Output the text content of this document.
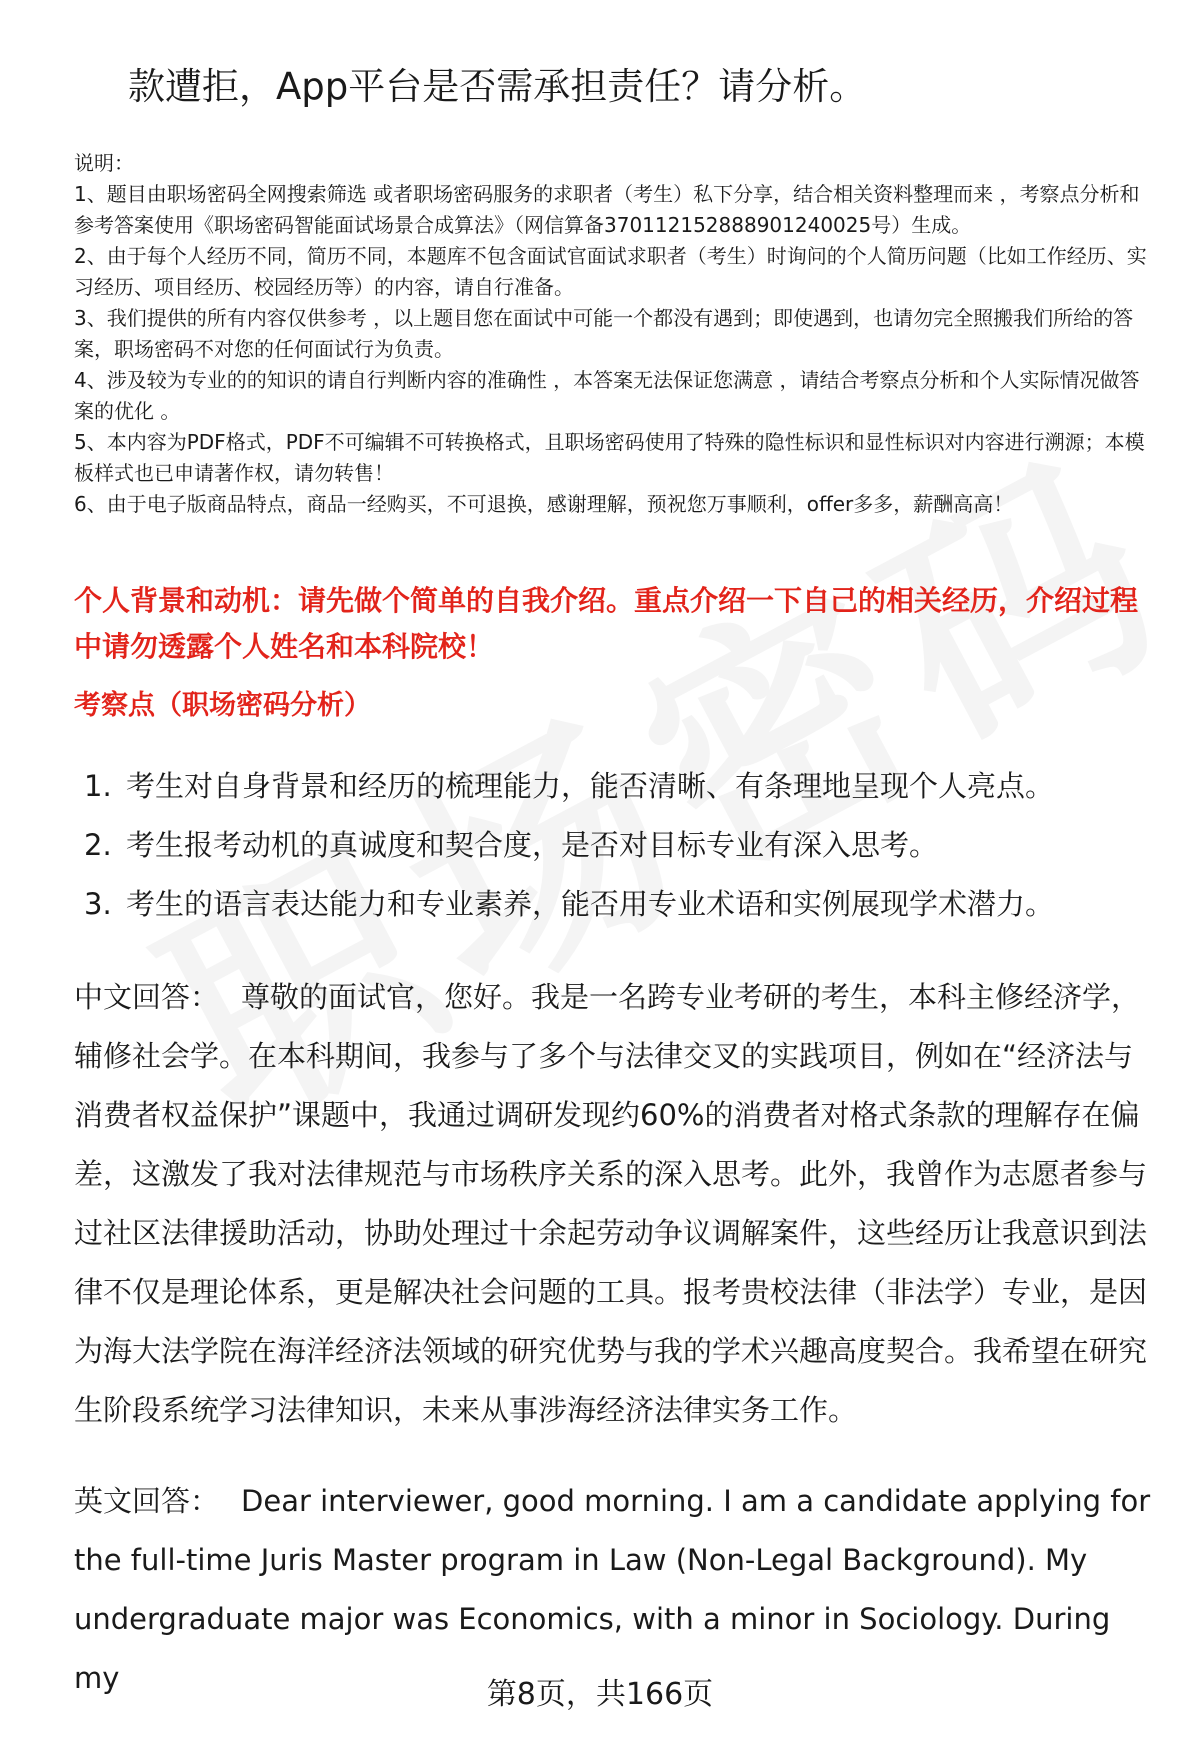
款遭拒，App平台是否需承担责任？请分析。
说明：
1、题目由职场密码全网搜索筛选 或者职场密码服务的求职者（考生）私下分享，结合相关资料整理而来 ，考察点分析和参考答案使用《职场密码智能面试场景合成算法》（网信算备370112152888901240025号）生成。
2、由于每个人经历不同，简历不同，本题库不包含面试官面试求职者（考生）时询问的个人简历问题（比如工作经历、实习经历、项目经历、校园经历等）的内容，请自行准备。
3、我们提供的所有内容仅供参考 ，以上题目您在面试中可能一个都没有遇到；即使遇到，也请勿完全照搬我们所给的答案，职场密码不对您的任何面试行为负责。
4、涉及较为专业的的知识的请自行判断内容的准确性 ，本答案无法保证您满意 ，请结合考察点分析和个人实际情况做答案的优化 。
5、本内容为PDF格式，PDF不可编辑不可转换格式，且职场密码使用了特殊的隐性标识和显性标识对内容进行溯源；本模板样式也已申请著作权，请勿转售！
6、由于电子版商品特点，商品一经购买，不可退换，感谢理解，预祝您万事顺利，offer多多，薪酬高高！
个人背景和动机：请先做个简单的自我介绍。重点介绍一下自己的相关经历，介绍过程中请勿透露个人姓名和本科院校！
考察点（职场密码分析）
1. 考生对自身背景和经历的梳理能力，能否清晰、有条理地呈现个人亮点。
2. 考生报考动机的真诚度和契合度，是否对目标专业有深入思考。
3. 考生的语言表达能力和专业素养，能否用专业术语和实例展现学术潜力。
中文回答： 尊敬的面试官，您好。我是一名跨专业考研的考生，本科主修经济学，辅修社会学。在本科期间，我参与了多个与法律交叉的实践项目，例如在“经济法与消费者权益保护”课题中，我通过调研发现约60%的消费者对格式条款的理解存在偏差，这激发了我对法律规范与市场秩序关系的深入思考。此外，我曾作为志愿者参与过社区法律援助活动，协助处理过十余起劳动争议调解案件，这些经历让我意识到法律不仅是理论体系，更是解决社会问题的工具。报考贵校法律（非法学）专业，是因为海大法学院在海洋经济法领域的研究优势与我的学术兴趣高度契合。我希望在研究生阶段系统学习法律知识，未来从事涉海经济法律实务工作。
英文回答： Dear interviewer, good morning. I am a candidate applying for the full-time Juris Master program in Law (Non-Legal Background). My undergraduate major was Economics, with a minor in Sociology. During my	第8页，共166页
